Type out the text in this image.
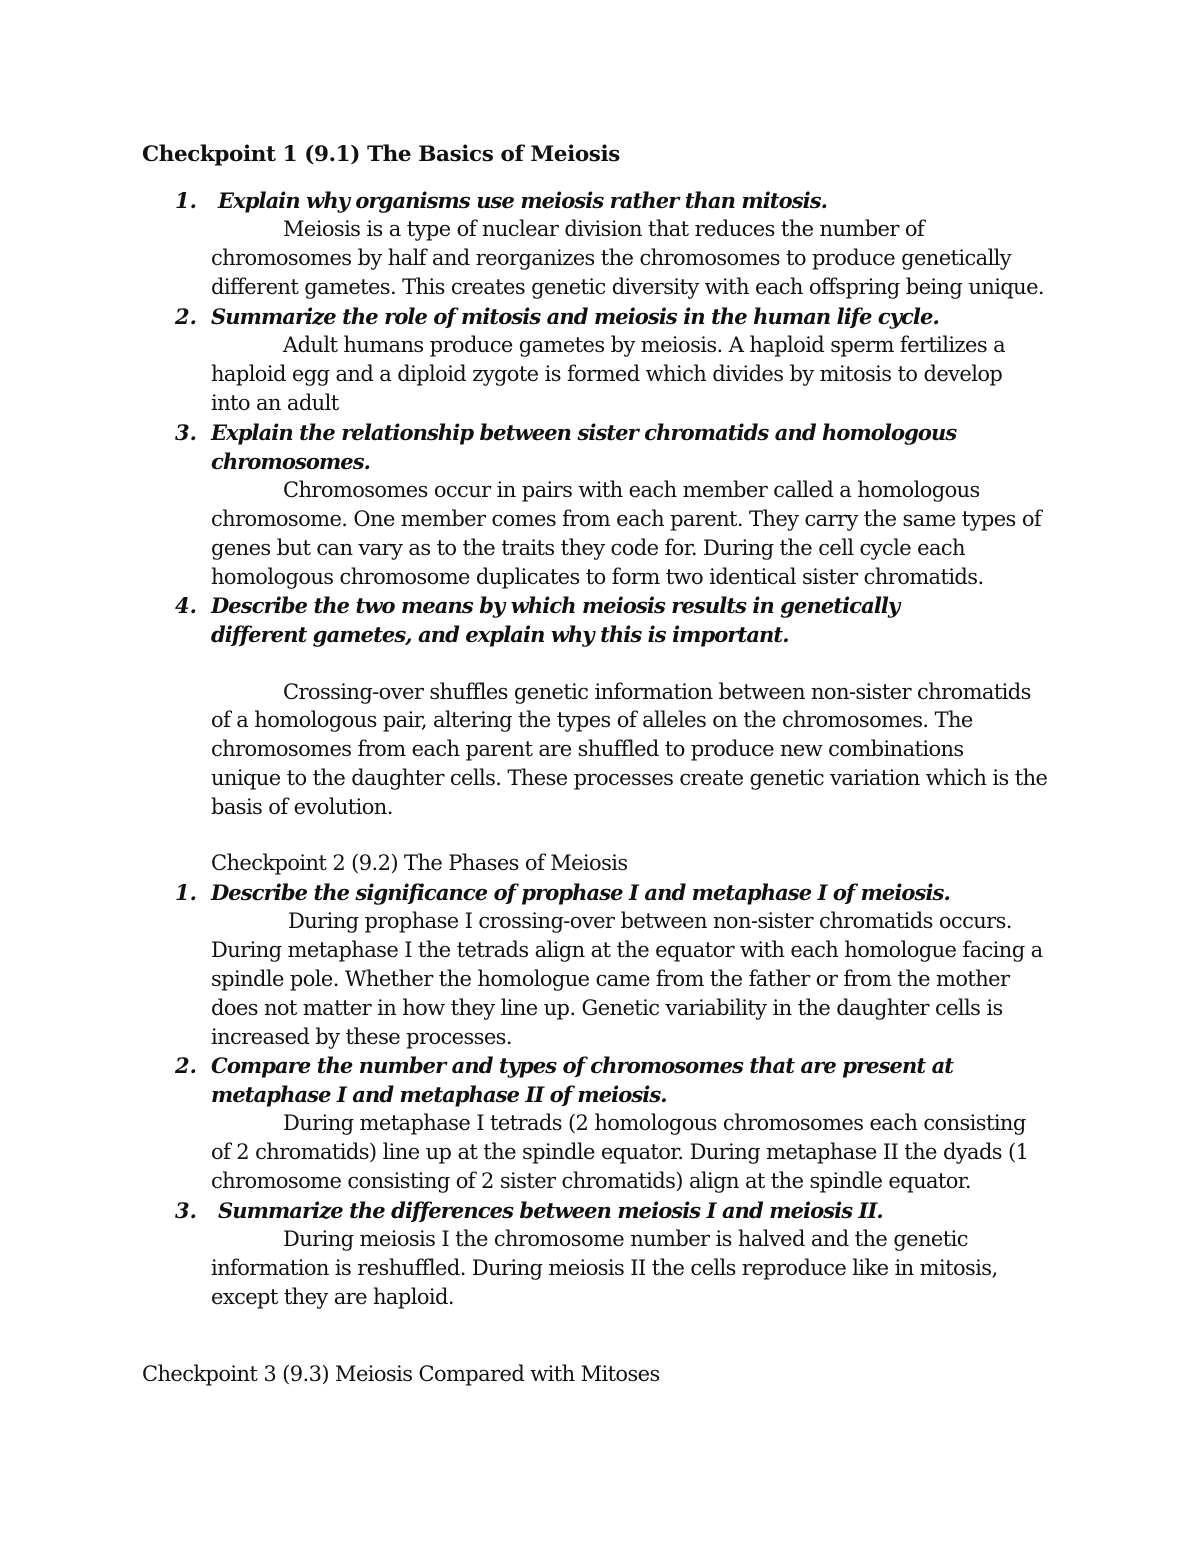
Checkpoint 1 (9.1) The Basics of Meiosis

1. Explain why organisms use meiosis rather than mitosis.

Meiosis is a type of nuclear division that reduces the number of

chromosomes by half and reorganizes the chromosomes to produce genetically

different gametes. This creates genetic diversity with each offspring being unique.

2. Summarize the role of mitosis and meiosis in the human life cycle.

Adult humans produce gametes by meiosis. A haploid sperm fertilizes a

haploid egg and a diploid zygote is formed which divides by mitosis to develop

into an adult

3. Explain the relationship between sister chromatids and homologous

chromosomes.

Chromosomes occur in pairs with each member called a homologous

chromosome. One member comes from each parent. They carry the same types of

genes but can vary as to the traits they code for. During the cell cycle each

homologous chromosome duplicates to form two identical sister chromatids.

4. Describe the two means by which meiosis results in genetically

different gametes, and explain why this is important.

Crossing-over shuffles genetic information between non-sister chromatids

of a homologous pair, altering the types of alleles on the chromosomes. The

chromosomes from each parent are shuffled to produce new combinations

unique to the daughter cells. These processes create genetic variation which is the

basis of evolution.

Checkpoint 2 (9.2) The Phases of Meiosis

1. Describe the significance of prophase I and metaphase I of meiosis.

During prophase I crossing-over between non-sister chromatids occurs.

During metaphase I the tetrads align at the equator with each homologue facing a

spindle pole. Whether the homologue came from the father or from the mother

does not matter in how they line up. Genetic variability in the daughter cells is

increased by these processes.

2. Compare the number and types of chromosomes that are present at

metaphase I and metaphase II of meiosis.

During metaphase I tetrads (2 homologous chromosomes each consisting

of 2 chromatids) line up at the spindle equator. During metaphase II the dyads (1

chromosome consisting of 2 sister chromatids) align at the spindle equator.

3. Summarize the differences between meiosis I and meiosis II.

During meiosis I the chromosome number is halved and the genetic

information is reshuffled. During meiosis II the cells reproduce like in mitosis,

except they are haploid.

Checkpoint 3 (9.3) Meiosis Compared with Mitoses
